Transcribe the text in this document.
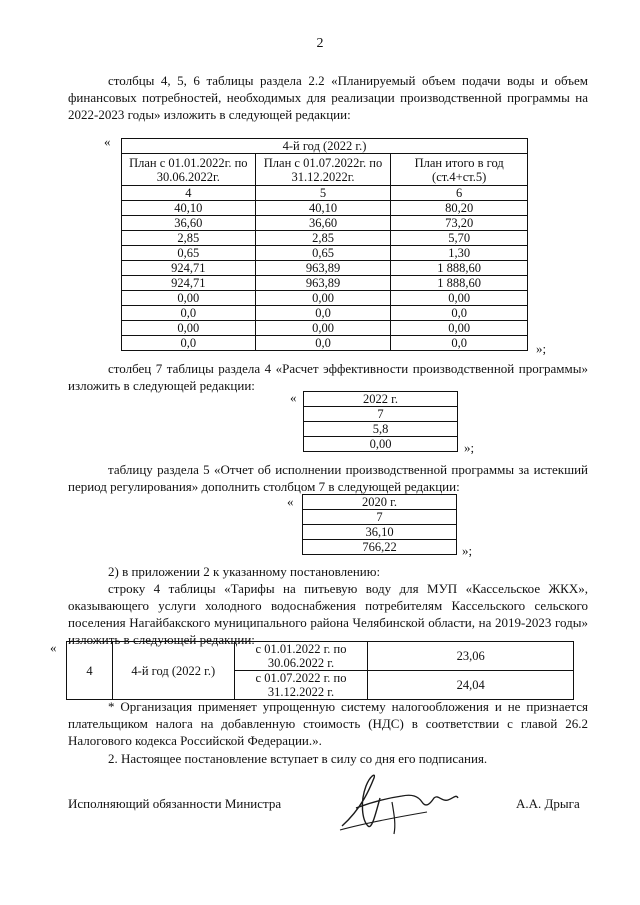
2
столбцы 4, 5, 6 таблицы раздела 2.2 «Планируемый объем подачи воды и объем финансовых потребностей, необходимых для реализации производственной программы на 2022-2023 годы» изложить в следующей редакции:
«	4-й год (2022 г.)		
План с 01.01.2022г. по 30.06.2022г.	План с 01.07.2022г. по 31.12.2022г.	План итого в год (ст.4+ст.5)
4	5	6
40,10	40,10	80,20
36,60	36,60	73,20
2,85	2,85	5,70
0,65	0,65	1,30
924,71	963,89	1 888,60
924,71	963,89	1 888,60
0,00	0,00	0,00
0,0	0,0	0,0
0,00	0,00	0,00
0,0	0,0	0,0	»;
столбец 7 таблицы раздела 4 «Расчет эффективности производственной программы» изложить в следующей редакции:
«	2022 г.
7
5,8
0,00	»;
таблицу раздела 5 «Отчет об исполнении производственной программы за истекший период регулирования» дополнить столбцом 7 в следующей редакции:
«	2020 г.
7
36,10
766,22	»;
2) в приложении 2 к указанному постановлению:
строку 4 таблицы «Тарифы на питьевую воду для МУП «Кассельское ЖКХ», оказывающего услуги холодного водоснабжения потребителям Кассельского сельского поселения Нагайбакского муниципального района Челябинской области, на 2019-2023 годы» изложить в следующей редакции:
«
4	4-й год (2022 г.)	с 01.01.2022 г. по 30.06.2022 г.	23,06
		с 01.07.2022 г. по 31.12.2022 г.	24,04
* Организация применяет упрощенную систему налогообложения и не признается плательщиком налога на добавленную стоимость (НДС) в соответствии с главой 26.2 Налогового кодекса Российской Федерации.».
2. Настоящее постановление вступает в силу со дня его подписания.
Исполняющий обязанности Министра	А.А. Дрыга
